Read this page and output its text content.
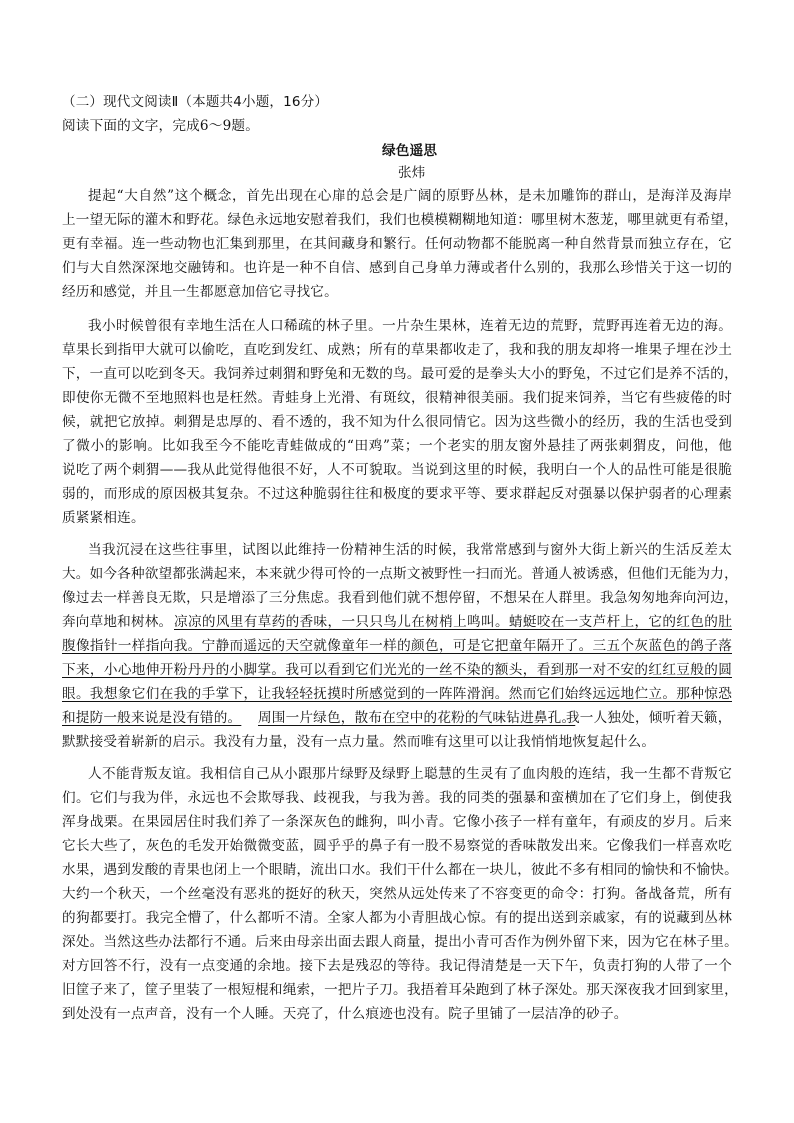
（二）现代文阅读Ⅱ（本题共4小题，16分）
阅读下面的文字，完成6～9题。
绿色遥思
张炜
提起“大自然”这个概念，首先出现在心扉的总会是广阔的原野丛林，是未加雕饰的群山，是海洋及海岸
上一望无际的灌木和野花。绿色永远地安慰着我们，我们也模模糊糊地知道：哪里树木葱茏，哪里就更有希望，
更有幸福。连一些动物也汇集到那里，在其间藏身和繁行。任何动物都不能脱离一种自然背景而独立存在，它
们与大自然深深地交融铸和。也许是一种不自信、感到自己身单力薄或者什么别的，我那么珍惜关于这一切的
经历和感觉，并且一生都愿意加倍它寻找它。
我小时候曾很有幸地生活在人口稀疏的林子里。一片杂生果林，连着无边的荒野，荒野再连着无边的海。
草果长到指甲大就可以偷吃，直吃到发红、成熟；所有的草果都收走了，我和我的朋友却将一堆果子埋在沙土
下，一直可以吃到冬天。我饲养过刺猬和野兔和无数的鸟。最可爱的是拳头大小的野兔，不过它们是养不活的，
即使你无微不至地照料也是枉然。青蛙身上光滑、有斑纹，很精神很美丽。我们捉来饲养，当它有些疲倦的时
候，就把它放掉。刺猬是忠厚的、看不透的，我不知为什么很同情它。因为这些微小的经历，我的生活也受到
了微小的影响。比如我至今不能吃青蛙做成的“田鸡”菜；一个老实的朋友窗外悬挂了两张刺猬皮，问他，他
说吃了两个刺猬——我从此觉得他很不好，人不可貌取。当说到这里的时候，我明白一个人的品性可能是很脆
弱的，而形成的原因极其复杂。不过这种脆弱往往和极度的要求平等、要求群起反对强暴以保护弱者的心理素
质紧紧相连。
当我沉浸在这些往事里，试图以此维持一份精神生活的时候，我常常感到与窗外大街上新兴的生活反差太
大。如今各种欲望都张满起来，本来就少得可怜的一点斯文被野性一扫而光。普通人被诱惑，但他们无能为力，
像过去一样善良无欺，只是增添了三分焦虑。我看到他们就不想停留，不想呆在人群里。我急匆匆地奔向河边，
奔向草地和树林。 凉凉的风里有草药的香味，一只只鸟儿在树梢上鸣叫。蜻蜓咬在一支芦杆上，它的红色的肚
腹像指针一样指向我。宁静而遥远的天空就像童年一样的颜色，可是它把童年隔开了。三五个灰蓝色的鸽子落
下来，小心地伸开粉丹丹的小脚掌。我可以看到它们光光的一丝不染的额头，看到那一对不安的红红豆般的圆
眼。我想象它们在我的手掌下，让我轻轻抚摸时所感觉到的一阵阵滑润。然而它们始终远远地伫立。那种惊恐
和提防一般来说是没有错的。 周围一片绿色，散布在空中的花粉的气味钻进鼻孔。
我一人独处，倾听着天籁，
默默接受着崭新的启示。我没有力量，没有一点力量。然而唯有这里可以让我悄悄地恢复起什么。
人不能背叛友谊。我相信自己从小跟那片绿野及绿野上聪慧的生灵有了血肉般的连结，我一生都不背叛它
们。它们与我为伴，永远也不会欺辱我、歧视我，与我为善。我的同类的强暴和蛮横加在了它们身上，倒使我
浑身战栗。在果园居住时我们养了一条深灰色的雌狗，叫小青。它像小孩子一样有童年，有顽皮的岁月。后来
它长大些了，灰色的毛发开始微微变蓝，圆乎乎的鼻子有一股不易察觉的香味散发出来。它像我们一样喜欢吃
水果，遇到发酸的青果也闭上一个眼睛，流出口水。我们干什么都在一块儿，彼此不多有相同的愉快和不愉快。
大约一个秋天，一个丝毫没有恶兆的挺好的秋天，突然从远处传来了不容变更的命令：打狗。备战备荒，所有
的狗都要打。我完全懵了，什么都听不清。全家人都为小青胆战心惊。有的提出送到亲戚家，有的说藏到丛林
深处。当然这些办法都行不通。后来由母亲出面去跟人商量，提出小青可否作为例外留下来，因为它在林子里。
对方回答不行，没有一点变通的余地。接下去是残忍的等待。我记得清楚是一天下午，负责打狗的人带了一个
旧筐子来了，筐子里装了一根短棍和绳索，一把片子刀。我捂着耳朵跑到了林子深处。那天深夜我才回到家里，
到处没有一点声音，没有一个人睡。天亮了，什么痕迹也没有。院子里铺了一层洁净的砂子。
